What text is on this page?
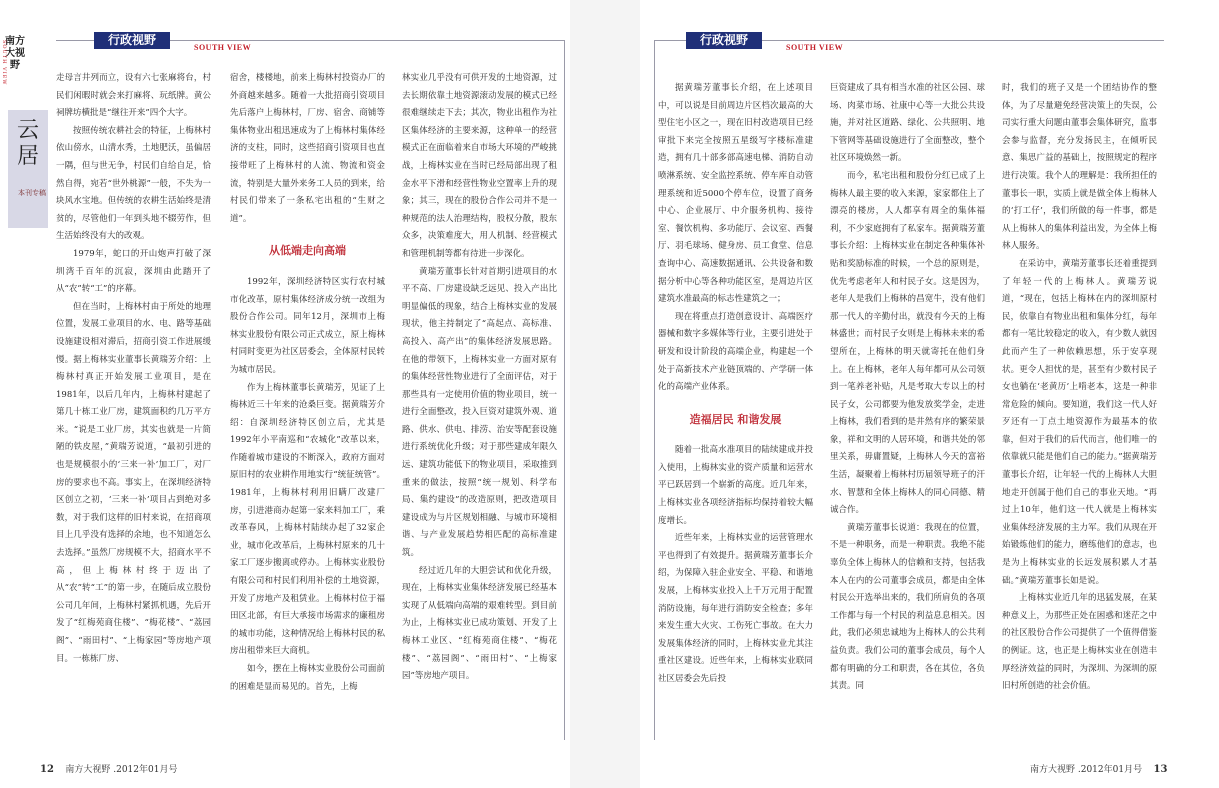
南方大视野
SOUTH VIEW
云居
本刊专稿
行政视野
SOUTH VIEW

走母言井列而立，设有六七张麻将台，村民们闲暇时就会来打麻将、玩纸牌。黄公祠牌坊横批是“继往开来”四个大字。

按照传统农耕社会的特征，上梅林村依山傍水，山清水秀，土地肥沃，虽偏居一隅，但与世无争，村民们自给自足，恰然自得，宛若“世外桃源”一般，不失为一块风水宝地。但传统的农耕生活始终是清贫的，尽管他们一年到头地不辍劳作，但生活始终没有大的改观。

1979年，蛇口的开山炮声打破了深圳湾千百年的沉寂，深圳由此踏开了从“农”转“工”的序幕。

但在当时，上梅林村由于所处的地理位置，发展工业项目的水、电、路等基础设施建设相对滞后，招商引资工作进展缓慢。据上梅林实业董事长黄瑞芳介绍：上梅林村真正开始发展工业项目，是在1981年，以后几年内，上梅林村建起了第几十栋工业厂房，建筑面积约几万平方米。“说是工业厂房，其实也就是一片简陋的铁皮屋，”黄瑞芳说道，“最初引进的也是规模很小的‘三来一补’加工厂，对厂房的要求也不高。事实上，在深圳经济特区创立之初，‘三来一补’项目占到绝对多数，对于我们这样的旧村来说，在招商项目上几乎没有选择的余地，也不知道怎么去选择。”虽然厂房规模不大，招商水平不高，但上梅林村终于迈出了从“农”转“工”的第一步，在随后成立股份公司几年间，上梅林村紧抓机遇，先后开发了“红梅苑商住楼”、“梅花楼”、“荔园阁”、“雨田村”、“上梅家园”等房地产项目。一栋栋厂房、

宿舍，楼楼地，前来上梅林村投资办厂的外商越来越多。随着一大批招商引资项目先后落户上梅林村，厂房、宿舍、商铺等集体物业出租迅速成为了上梅林村集体经济的支柱，同时，这些招商引资项目也直接带旺了上梅林村的人流、物流和资金流，特别是大量外来务工人员的到来，给村民们带来了一条私宅出租的“生财之道”。

从低端走向高端

1992年，深圳经济特区实行农村城市化改革，原村集体经济成分统一改组为股份合作公司。同年12月，深圳市上梅林实业股份有限公司正式成立，原上梅林村同时变更为社区居委会，全体原村民转为城市居民。

作为上梅林董事长黄瑞芳，见证了上梅林近三十年来的沧桑巨变。据黄瑞芳介绍：自深圳经济特区创立后，尤其是1992年小平南巡和“农城化”改革以来，作随着城市建设的不断深入，政府方面对原旧村的农业耕作用地实行“统征统管”。1981年，上梅林村利用旧瞒厂改建厂房，引进港商办起第一家来料加工厂，乘改革春风，上梅林村陆续办起了32家企业，城市化改革后，上梅林村原来的几十家工厂逐步搬离或停办。上梅林实业股份有限公司和村民们利用补偿的土地资源，开发了房地产及租赁业。上梅林村位于福田区北部，有巨大承接市场需求的廉租房的城市功能，这种情况给上梅林村民的私房出租带来巨大商机。

如今，摆在上梅林实业股份公司面前的困难是显而易见的。首先，上梅

林实业几乎没有可供开发的土地资源，过去长期依靠土地资源滚动发展的模式已经很难继续走下去；其次，物业出租作为社区集体经济的主要来源，这种单一的经营模式正在面临着来自市场大环境的严峻挑战，上梅林实业在当时已经局部出现了租金水平下滑和经营性物业空置率上升的现象；其三，现在的股份合作公司并不是一种规范的法人治理结构，股权分散，股东众多，决策难度大，用人机制、经营模式和管理机制等都有待进一步深化。

黄瑞芳董事长针对首期引进项目的水平不高、厂房建设缺乏远见、投入产出比明显偏低的现象，结合上梅林实业的发展现状，他主持制定了“高起点、高标准、高投入、高产出”的集体经济发展思路。在他的带领下，上梅林实业一方面对原有的集体经营性物业进行了全面评估，对于那些具有一定使用价值的物业项目，统一进行全面整改，投入巨资对建筑外观、道路、供水、供电、排涝、治安等配套设施进行系统优化升级；对于那些建成年限久远、建筑功能低下的物业项目，采取推到重来的做法，按照“统一规划、科学布局、集约建设”的改造原则，把改造项目建设成为与片区规划相融、与城市环境相谐、与产业发展趋势相匹配的高标准建筑。

经过近几年的大胆尝试和优化升级，现在，上梅林实业集体经济发展已经基本实现了从低端向高端的艰难转型。到目前为止，上梅林实业已成功策划、开发了上梅林工业区、“红梅苑商住楼”、“梅花楼”、“荔园阁”、“雨田村”、“上梅家园”等房地产项目。

12 南方大视野 .2012年01月号
行政视野
SOUTH VIEW

据黄瑞芳董事长介绍，在上述项目中，可以说是目前周边片区档次最高的大型住宅小区之一，现在旧村改造项目已经审批下来完全按照五星级写字楼标准建造，拥有几十部多部高速电梯、消防自动喷淋系统、安全监控系统、停车库自动管理系统和近5000个停车位，设置了商务中心、企业展厅、中介服务机构、接待室、餐饮机构、多功能厅、会议室、西餐厅、羽毛球场、健身房、员工食堂、信息查询中心、高速数据通讯、公共设备和数据分析中心等各种功能区室，是周边片区建筑水准最高的标志性建筑之一；

现在将重点打造创意设计、高端医疗器械和数字多媒体等行业，主要引进处于研发和设计阶段的高端企业，构建起一个处于高新技术产业链顶端的、产学研一体化的高端产业体系。

造福居民 和谐发展

随着一批高水准项目的陆续建成并投入使用，上梅林实业的资产质量和运营水平已跃居到一个崭新的高度。近几年来，上梅林实业各项经济指标均保持着较大幅度增长。

近些年来，上梅林实业的运营管理水平也得到了有效提升。据黄瑞芳董事长介绍，为保障入驻企业安全、平稳、和谐地发展，上梅林实业投入上千万元用于配置消防设施，每年进行消防安全检查；多年来发生重大火灾、工伤死亡事故。在大力发展集体经济的同时，上梅林实业尤其注重社区建设。近些年来，上梅林实业联同社区居委会先后投

巨资建成了具有相当水准的社区公园、球场、肉菜市场、社康中心等一大批公共设施，并对社区道路、绿化、公共照明、地下管网等基础设施进行了全面整改，整个社区环境焕然一新。

而今，私宅出租和股份分红已成了上梅林人最主要的收入来源，家家都住上了漂亮的楼房，人人都享有周全的集体福利，不少家庭拥有了私家车。据黄瑞芳董事长介绍：上梅林实业在制定各种集体补贴和奖励标准的时候，一个总的原则是，优先考虑老年人和村民子女。这是因为，老年人是我们上梅林的昌宽牛，没有他们那一代人的辛勤付出，就没有今天的上梅林盛世；而村民子女则是上梅林未来的希望所在，上梅林的明天就寄托在他们身上。在上梅林，老年人每年都可从公司领到一笔养老补贴，凡是考取大专以上的村民子女，公司都要为他发放奖学金，走进上梅林，我们看到的是井然有序的繁荣景象，祥和文明的人居环境，和谐共处的邻里关系，毋庸置疑，上梅林人今天的富裕生活，凝聚着上梅林村历届领导班子的汗水、智慧和全体上梅林人的同心同德、精诚合作。

黄瑞芳董事长说道：我现在的位置，不是一种职务，而是一种职责。我绝不能辜负全体上梅林人的信赖和支持，包括我本人在内的公司董事会成员，都是由全体村民公开选举出来的，我们所肩负的各项工作都与每一个村民的利益息息相关。因此，我们必须忠诚地为上梅林人的公共利益负责。我们公司的董事会成员，每个人都有明确的分工和职责，各在其位，各负其责。同

时，我们的班子又是一个团结协作的整体，为了尽量避免经营决策上的失误，公司实行重大问题由董事会集体研究，监事会参与监督，充分发扬民主，在倾听民意、集思广益的基础上，按照规定的程序进行决策。我个人的理解是：我所担任的董事长一职，实质上就是做全体上梅林人的‘打工仔’，我们所做的每一件事，都是从上梅林人的集体利益出发，为全体上梅林人服务。

在采访中，黄瑞芳董事长还着重提到了年轻一代的上梅林人。黄瑞芳说道，“现在，包括上梅林在内的深圳原村民，依靠自有物业出租和集体分红，每年都有一笔比较稳定的收入，有少数人就因此而产生了一种依赖思想，乐于安享现状。更令人担忧的是，甚至有少数村民子女也躺在‘老黄历’上啃老本，这是一种非常危险的倾向。要知道，我们这一代人好歹还有一丁点土地资源作为最基本的依靠，但对于我们的后代而言，他们唯一的依靠就只能是他们自己的能力。”据黄瑞芳董事长介绍，让年轻一代的上梅林人大胆地走开创属于他们自己的事业天地。“再过上10年，他们这一代人就是上梅林实业集体经济发展的主力军。我们从现在开始锻炼他们的能力，磨练他们的意志，也是为上梅林实业的长远发展积累人才基础。”黄瑞芳董事长如是说。

上梅林实业近几年的迅猛发展，在某种意义上，为那些正处在困惑和迷茫之中的社区股份合作公司提供了一个值得借鉴的例证。这，也正是上梅林实业在创造丰厚经济效益的同时，为深圳、为深圳的原旧村所创造的社会价值。

南方大视野 .2012年01月号 13
